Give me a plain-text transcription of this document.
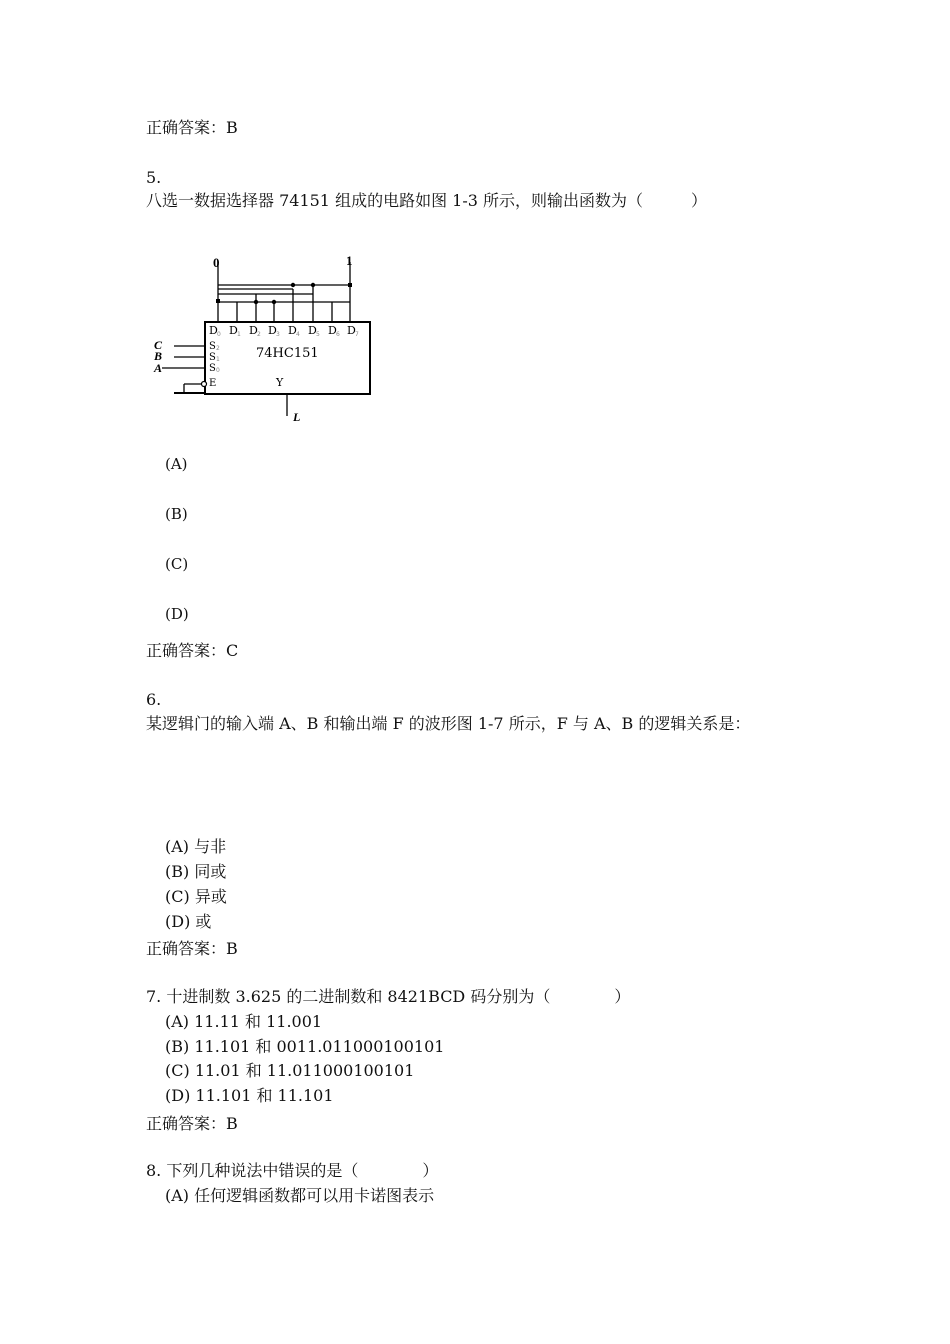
正确答案：B
5.
八选一数据选择器 74151 组成的电路如图 1-3 所示，则输出函数为（　　　）
0	1
D D D D D D D D
0	1	2	3	4	5	6	7
S
S
S
E
2
1
0
C
B
A
L
74HC151
Y
(A)
(B)
(C)
(D)
正确答案：C
6.
某逻辑门的输入端 A、B 和输出端 F 的波形图 1-7 所示，F 与 A、B 的逻辑关系是：
(A) 与非
(B) 同或
(C) 异或
(D) 或
正确答案：B
7. 十进制数 3.625 的二进制数和 8421BCD 码分别为（　　　　）
(A) 11.11 和 11.001
(B) 11.101 和 0011.011000100101
(C) 11.01 和 11.011000100101
(D) 11.101 和 11.101
正确答案：B
8. 下列几种说法中错误的是（　　　　）
(A) 任何逻辑函数都可以用卡诺图表示
